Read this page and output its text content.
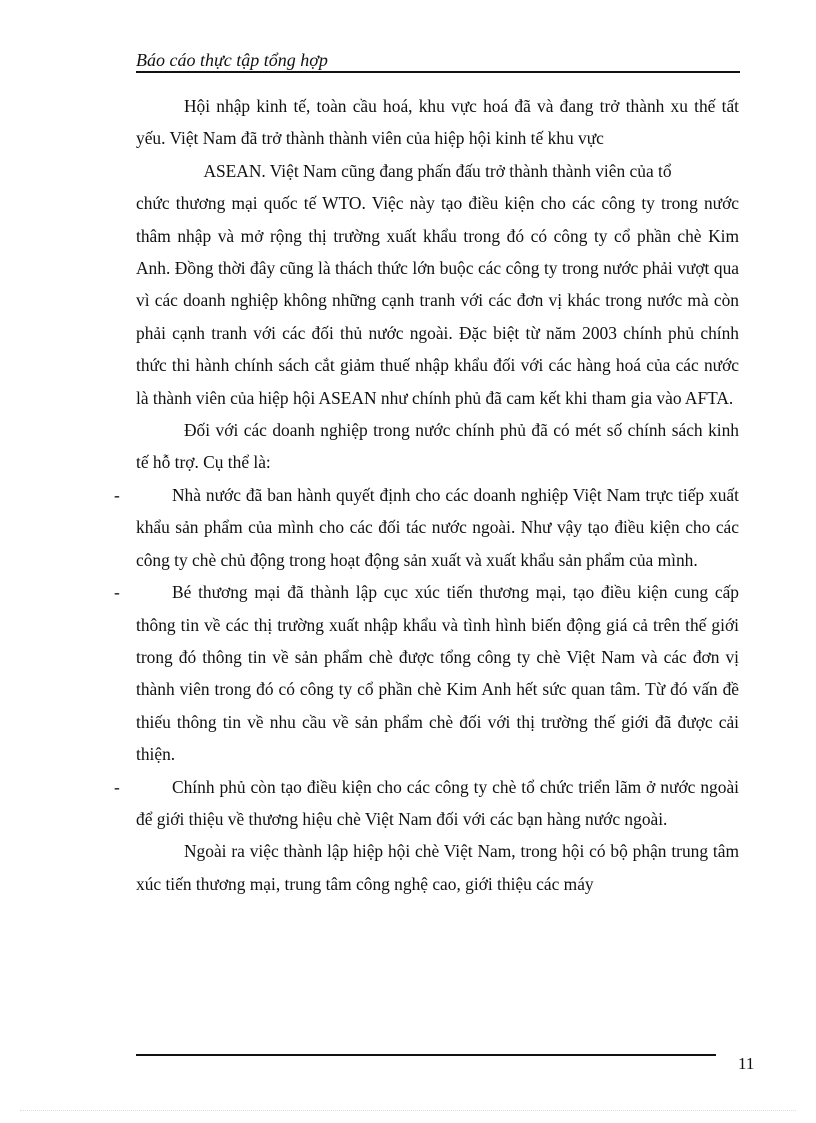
Báo cáo thực tập tổng hợp

Hội nhập kinh tế, toàn cầu hoá, khu vực hoá đã và đang trở thành xu thế tất yếu. Việt Nam đã trở thành thành viên của hiệp hội kinh tế khu vực

ASEAN. Việt Nam cũng đang phấn đấu trở thành thành viên của tổ

chức thương mại quốc tế WTO. Việc này tạo điều kiện cho các công ty trong nước thâm nhập và mở rộng thị trường xuất khẩu trong đó có công ty cổ phần chè Kim Anh. Đồng thời đây cũng là thách thức lớn buộc các công ty trong nước phải vượt qua vì các doanh nghiệp không những cạnh tranh với các đơn vị khác trong nước mà còn phải cạnh tranh với các đối thủ nước ngoài. Đặc biệt từ năm 2003 chính phủ chính thức thi hành chính sách cắt giảm thuế nhập khẩu đối với các hàng hoá của các nước là thành viên của hiệp hội ASEAN như chính phủ đã cam kết khi tham gia vào AFTA.

Đối với các doanh nghiệp trong nước chính phủ đã có mét số chính sách kinh tế hỗ trợ. Cụ thể là:

-	Nhà nước đã ban hành quyết định cho các doanh nghiệp Việt Nam trực tiếp xuất khẩu sản phẩm của mình cho các đối tác nước ngoài. Như vậy tạo điều kiện cho các công ty chè chủ động trong hoạt động sản xuất và xuất khẩu sản phẩm của mình.
-	Bé thương mại đã thành lập cục xúc tiến thương mại, tạo điều kiện cung cấp thông tin về các thị trường xuất nhập khẩu và tình hình biến động giá cả trên thế giới trong đó thông tin về sản phẩm chè được tổng công ty chè Việt Nam và các đơn vị thành viên trong đó có công ty cổ phần chè Kim Anh hết sức quan tâm. Từ đó vấn đề thiếu thông tin về nhu cầu về sản phẩm chè đối với thị trường thế giới đã được cải thiện.
-	Chính phủ còn tạo điều kiện cho các công ty chè tổ chức triển lãm ở nước ngoài để giới thiệu về thương hiệu chè Việt Nam đối với các bạn hàng nước ngoài.

Ngoài ra việc thành lập hiệp hội chè Việt Nam, trong hội có bộ phận trung tâm xúc tiến thương mại, trung tâm công nghệ cao, giới thiệu các máy

11
